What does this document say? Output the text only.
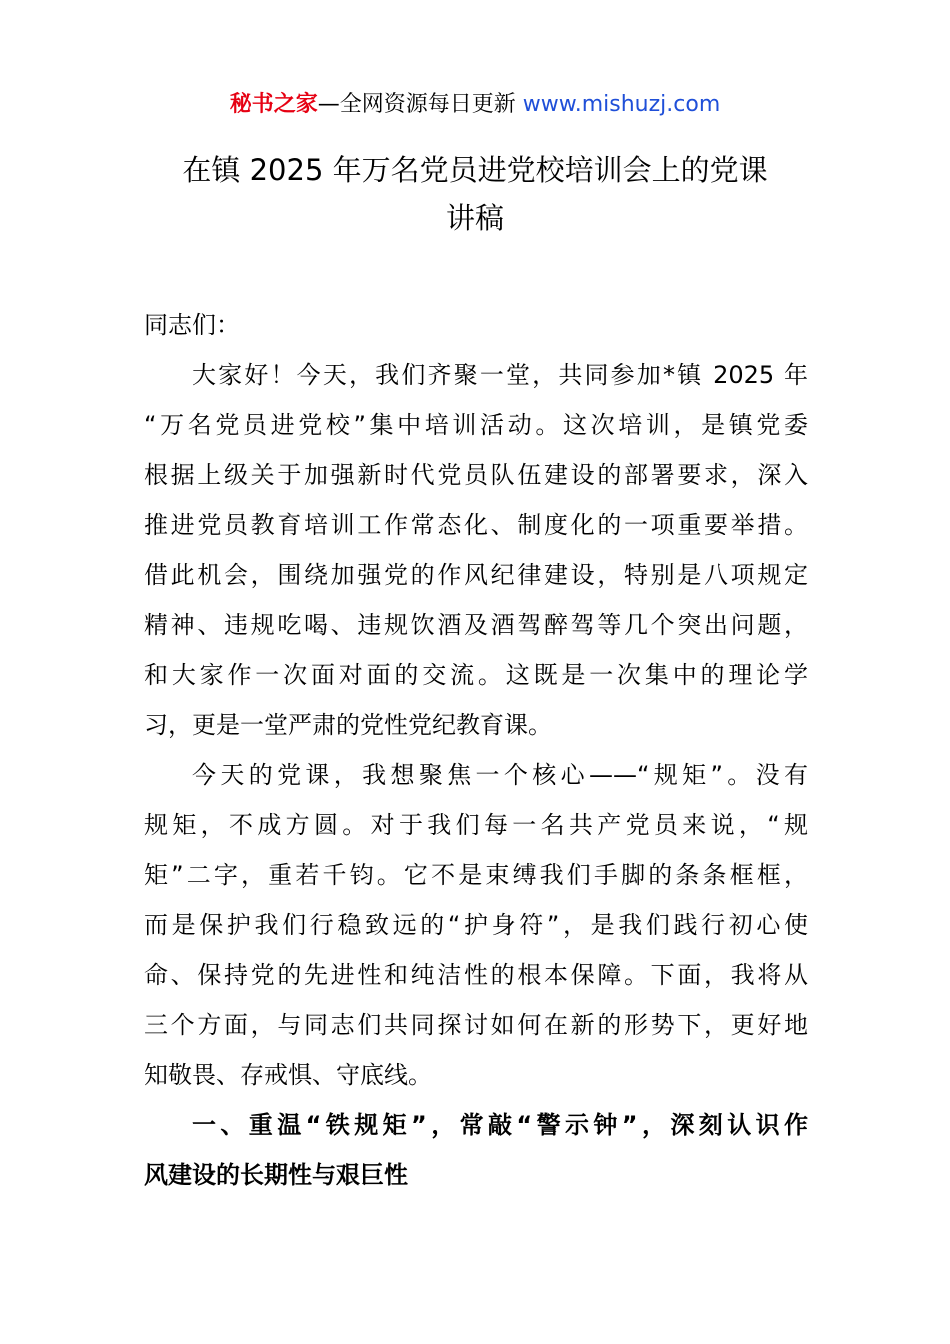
秘书之家—全网资源每日更新 www.mishuzj.com
在镇 2025 年万名党员进党校培训会上的党课
讲稿
同志们：
大家好！今天，我们齐聚一堂，共同参加*镇 2025 年
“万名党员进党校”集中培训活动。这次培训，是镇党委
根据上级关于加强新时代党员队伍建设的部署要求，深入
推进党员教育培训工作常态化、制度化的一项重要举措。
借此机会，围绕加强党的作风纪律建设，特别是八项规定
精神、违规吃喝、违规饮酒及酒驾醉驾等几个突出问题，
和大家作一次面对面的交流。这既是一次集中的理论学
习，更是一堂严肃的党性党纪教育课。
今天的党课，我想聚焦一个核心——“规矩”。没有
规矩，不成方圆。对于我们每一名共产党员来说，“规
矩”二字，重若千钧。它不是束缚我们手脚的条条框框，
而是保护我们行稳致远的“护身符”，是我们践行初心使
命、保持党的先进性和纯洁性的根本保障。下面，我将从
三个方面，与同志们共同探讨如何在新的形势下，更好地
知敬畏、存戒惧、守底线。
一、重温“铁规矩”，常敲“警示钟”，深刻认识作
风建设的长期性与艰巨性
